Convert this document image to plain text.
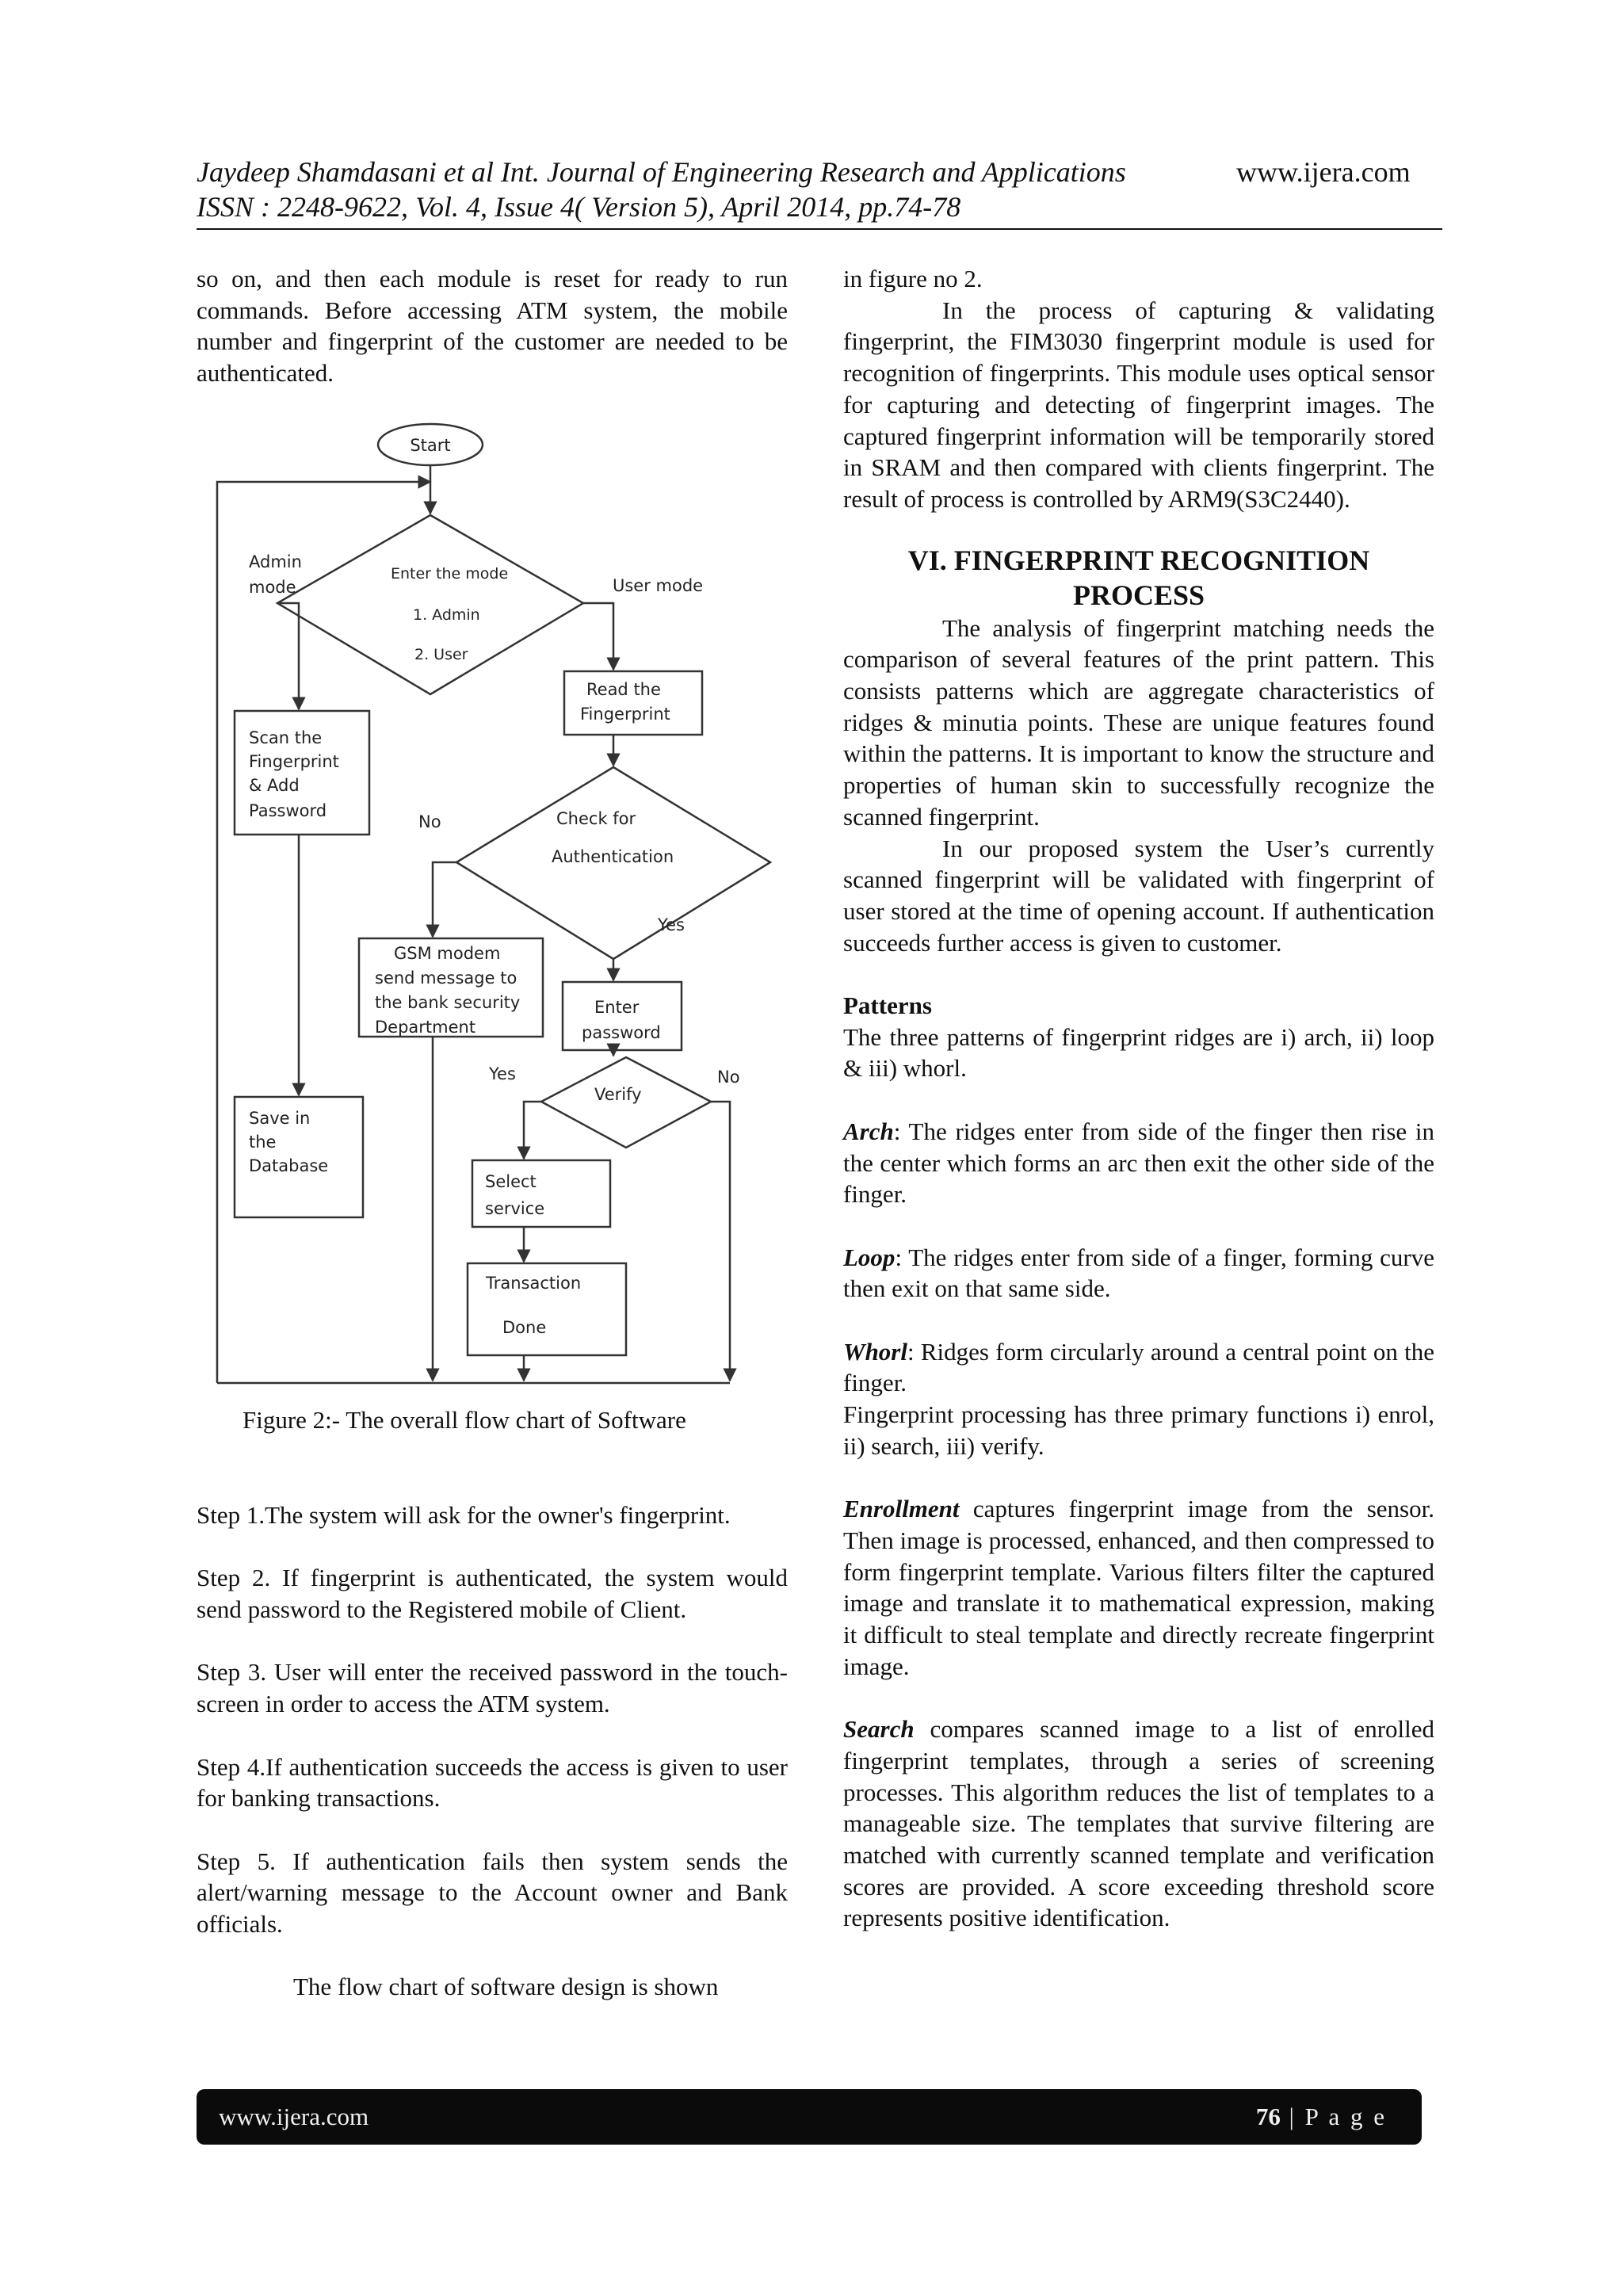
Jaydeep Shamdasani et al Int. Journal of Engineering Research and Applications	www.ijera.com
ISSN : 2248-9622, Vol. 4, Issue 4( Version 5), April 2014, pp.74-78

so on, and then each module is reset for ready to run commands. Before accessing ATM system, the mobile number and fingerprint of the customer are needed to be authenticated.

Start
Admin
mode
Enter the mode
1. Admin
2. User
User mode
Read the
Fingerprint
Scan the
Fingerprint
& Add
Password
No	Check for
Authentication
Yes
GSM modem
send message to
the bank security
Department
Enter
password
Yes
Verify
No
Save in
the
Database
Select
service
Transaction
Done
Figure 2:- The overall flow chart of Software

Step 1.The system will ask for the owner's fingerprint.

Step 2. If fingerprint is authenticated, the system would send password to the Registered mobile of Client.

Step 3. User will enter the received password in the touch-screen in order to access the ATM system.

Step 4.If authentication succeeds the access is given to user for banking transactions.

Step 5. If authentication fails then system sends the alert/warning message to the Account owner and Bank officials.

The flow chart of software design is shown

in figure no 2.

In the process of capturing & validating fingerprint, the FIM3030 fingerprint module is used for recognition of fingerprints. This module uses optical sensor for capturing and detecting of fingerprint images. The captured fingerprint information will be temporarily stored in SRAM and then compared with clients fingerprint. The result of process is controlled by ARM9(S3C2440).

VI. FINGERPRINT RECOGNITION
PROCESS

The analysis of fingerprint matching needs the comparison of several features of the print pattern. This consists patterns which are aggregate characteristics of ridges & minutia points. These are unique features found within the patterns. It is important to know the structure and properties of human skin to successfully recognize the scanned fingerprint.

In our proposed system the User’s currently scanned fingerprint will be validated with fingerprint of user stored at the time of opening account. If authentication succeeds further access is given to customer.

Patterns

The three patterns of fingerprint ridges are i) arch, ii) loop & iii) whorl.

Arch: The ridges enter from side of the finger then rise in the center which forms an arc then exit the other side of the finger.

Loop: The ridges enter from side of a finger, forming curve then exit on that same side.

Whorl: Ridges form circularly around a central point on the finger.

Fingerprint processing has three primary functions i) enrol, ii) search, iii) verify.

Enrollment captures fingerprint image from the sensor. Then image is processed, enhanced, and then compressed to form fingerprint template. Various filters filter the captured image and translate it to mathematical expression, making it difficult to steal template and directly recreate fingerprint image.

Search compares scanned image to a list of enrolled fingerprint templates, through a series of screening processes. This algorithm reduces the list of templates to a manageable size. The templates that survive filtering are matched with currently scanned template and verification scores are provided. A score exceeding threshold score represents positive identification.

www.ijera.com	76 | P a g e
